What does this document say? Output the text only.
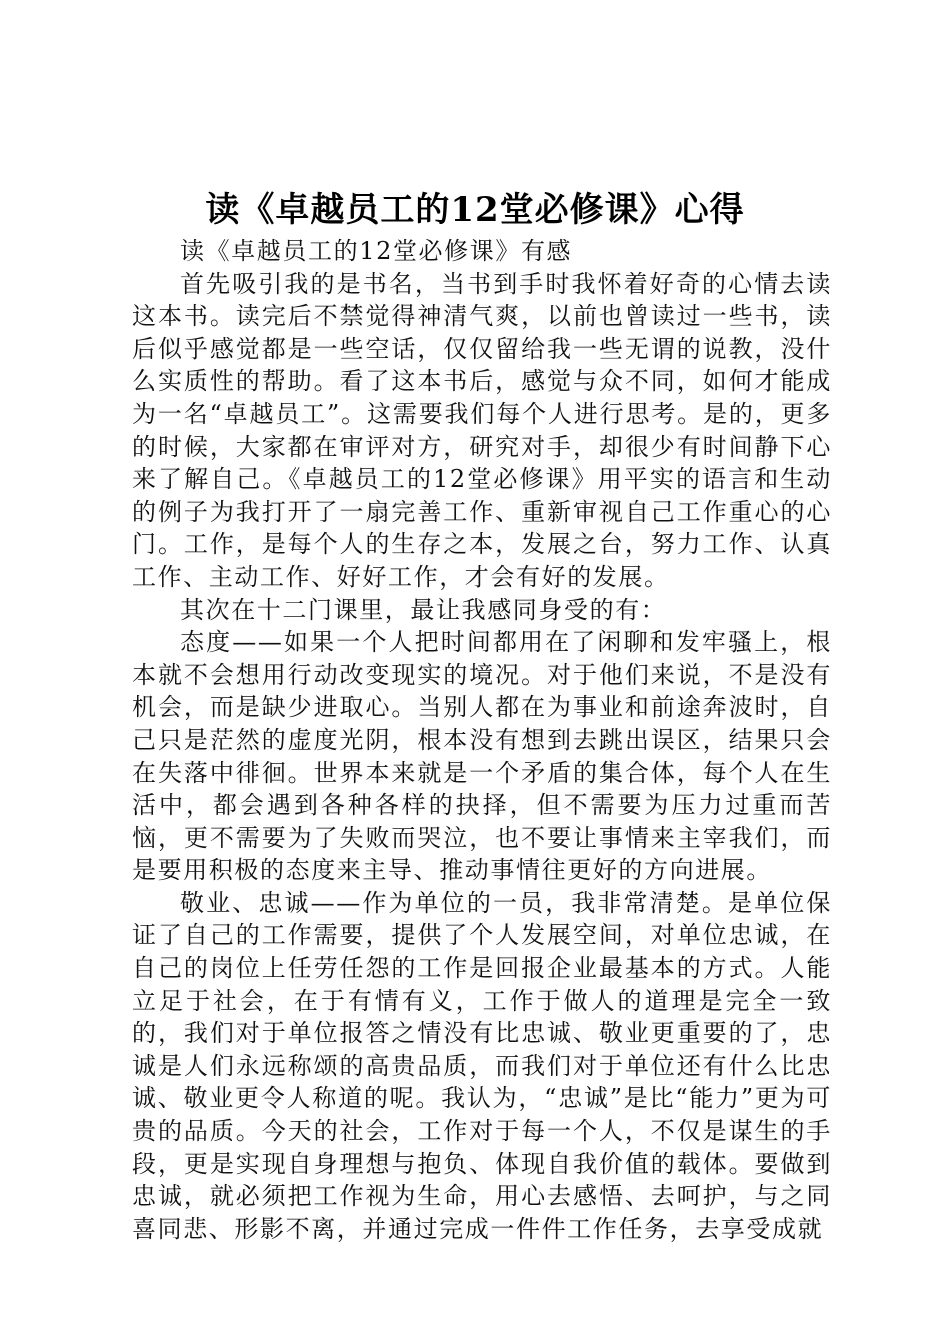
读《卓越员工的12堂必修课》心得

读《卓越员工的12堂必修课》有感

首先吸引我的是书名，当书到手时我怀着好奇的心情去读这本书。读完后不禁觉得神清气爽，以前也曾读过一些书，读后似乎感觉都是一些空话，仅仅留给我一些无谓的说教，没什么实质性的帮助。看了这本书后，感觉与众不同，如何才能成为一名“卓越员工”。这需要我们每个人进行思考。是的，更多的时候，大家都在审评对方，研究对手，却很少有时间静下心来了解自己。《卓越员工的12堂必修课》用平实的语言和生动的例子为我打开了一扇完善工作、重新审视自己工作重心的心门。工作，是每个人的生存之本，发展之台，努力工作、认真工作、主动工作、好好工作，才会有好的发展。

其次在十二门课里，最让我感同身受的有：

态度——如果一个人把时间都用在了闲聊和发牢骚上，根本就不会想用行动改变现实的境况。对于他们来说，不是没有机会，而是缺少进取心。当别人都在为事业和前途奔波时，自己只是茫然的虚度光阴，根本没有想到去跳出误区，结果只会在失落中徘徊。世界本来就是一个矛盾的集合体，每个人在生活中，都会遇到各种各样的抉择，但不需要为压力过重而苦恼，更不需要为了失败而哭泣，也不要让事情来主宰我们，而是要用积极的态度来主导、推动事情往更好的方向进展。

敬业、忠诚——作为单位的一员，我非常清楚。是单位保证了自己的工作需要，提供了个人发展空间，对单位忠诚，在自己的岗位上任劳任怨的工作是回报企业最基本的方式。人能立足于社会，在于有情有义，工作于做人的道理是完全一致的，我们对于单位报答之情没有比忠诚、敬业更重要的了，忠诚是人们永远称颂的高贵品质，而我们对于单位还有什么比忠诚、敬业更令人称道的呢。我认为，“忠诚”是比“能力”更为可贵的品质。今天的社会，工作对于每一个人，不仅是谋生的手段，更是实现自身理想与抱负、体现自我价值的载体。要做到忠诚，就必须把工作视为生命，用心去感悟、去呵护，与之同喜同悲、形影不离，并通过完成一件件工作任务，去享受成就
